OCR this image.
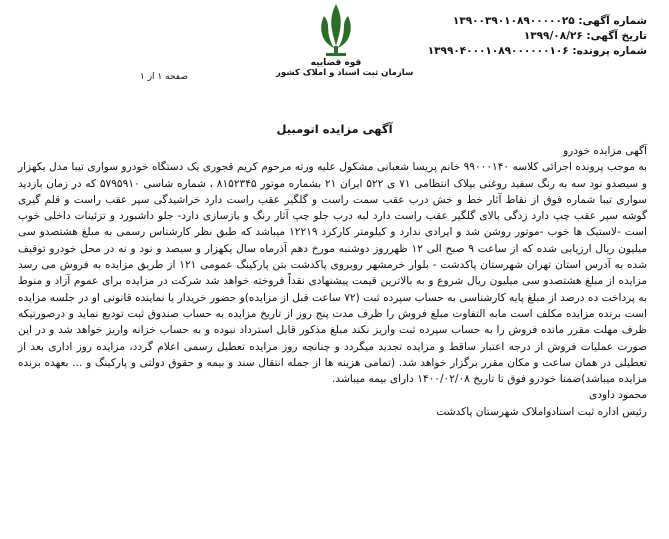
شماره آگهی: ۱۳۹۰۰۳۹۰۱۰۸۹۰۰۰۰۰۲۵
تاریخ آگهی: ۱۳۹۹/۰۸/۲۶
شماره پرونده: ۱۳۹۹۰۴۰۰۰۱۰۸۹۰۰۰۰۰۰۱۰۶
قوه قضاییه
سازمان ثبت اسناد و املاک کشور
صفحه ۱ از ۱
آگهی مزایده اتومبیل

آگهی مزایده خودرو

به موجب پرونده اجرائی کلاسه ۹۹۰۰۰۱۴۰ خانم پریسا شعبانی مشکول علیه ورثه مرحوم کریم قجوری یک دستگاه خودرو سواری تیبا مدل یکهزار و سیصدو نود سه به رنگ سفید روغنی بپلاک انتظامی ۷۱ ی ۵۲۲ ایران ۲۱ بشماره موتور ۸۱۵۲۳۴۵ ، شماره شاسی ۵۷۹۵۹۱۰ که در زمان بازدید سواری تیبا شماره فوق از نقاط آثار خط و خش درب عقب سمت راست و گلگیر عقب راست دارد خراشیدگی سپر عقب راست و قلم گیری گوشه سپر عقب چپ دارد زدگی بالای گلگیر عقب راست دارد لبه درب جلو چپ آثار رنگ و بازسازی دارد- جلو داشبورد و تزئینات داخلی خوب است -لاستیک ها خوب -موتور روشن شد و ایرادی ندارد و کیلومتر کارکرد ۱۲۲۱۹ میباشد که طبق نظر کارشناس رسمی به مبلغ هشتصدو سی میلیون ریال ارزیابی شده که از ساعت ۹ صبح الی ۱۲ ظهرروز دوشنبه مورخ دهم آذرماه سال یکهزار و سیصد و نود و نه در محل خودرو توقیف شده به آدرس استان تهران شهرستان پاکدشت - بلوار خرمشهر روبروی پاکدشت بتن پارکینگ عمومی ۱۲۱ از طریق مزایده به فروش می رسد مزایده از مبلغ هشتصدو سی میلیون ریال شروع و به بالاترین قیمت پیشنهادی نقداً فروخته خواهد شد شرکت در مزایده برای عموم آزاد و منوط به پرداخت ده درصد از مبلغ پایه کارشناسی به حساب سپرده ثبت (۷۲ ساعت قبل از مزایده)و حضور خریدار یا نماینده قانونی او در جلسه مزایده است برنده مزایده مکلف است مابه التفاوت مبلغ فروش را ظرف مدت پنج روز از تاریخ مزایده به حساب صندوق ثبت تودیع نماید و درصورتیکه ظرف مهلت مقرر مانده فروش را به حساب سپرده ثبت واریز نکند مبلغ مذکور قابل استرداد نبوده و به حساب خزانه واریز خواهد شد و در این صورت عملیات فروش از درجه اعتبار ساقط و مزایده تجدید میگردد و چنانچه روز مزایده تعطیل رسمی اعلام گردد، مزایده روز اداری بعد از تعطیلی در همان ساعت و مکان مقرر برگزار خواهد شد. (تمامی هزینه ها از جمله انتقال سند و بیمه و حقوق دولتی و پارکینگ و ... بعهده برنده مزایده میباشد)ضمنا خودرو فوق تا تاریخ ۱۴۰۰/۰۲/۰۸ دارای بیمه میباشد.

محمود داودی

رئیس اداره ثبت اسنادواملاک شهرستان پاکدشت
